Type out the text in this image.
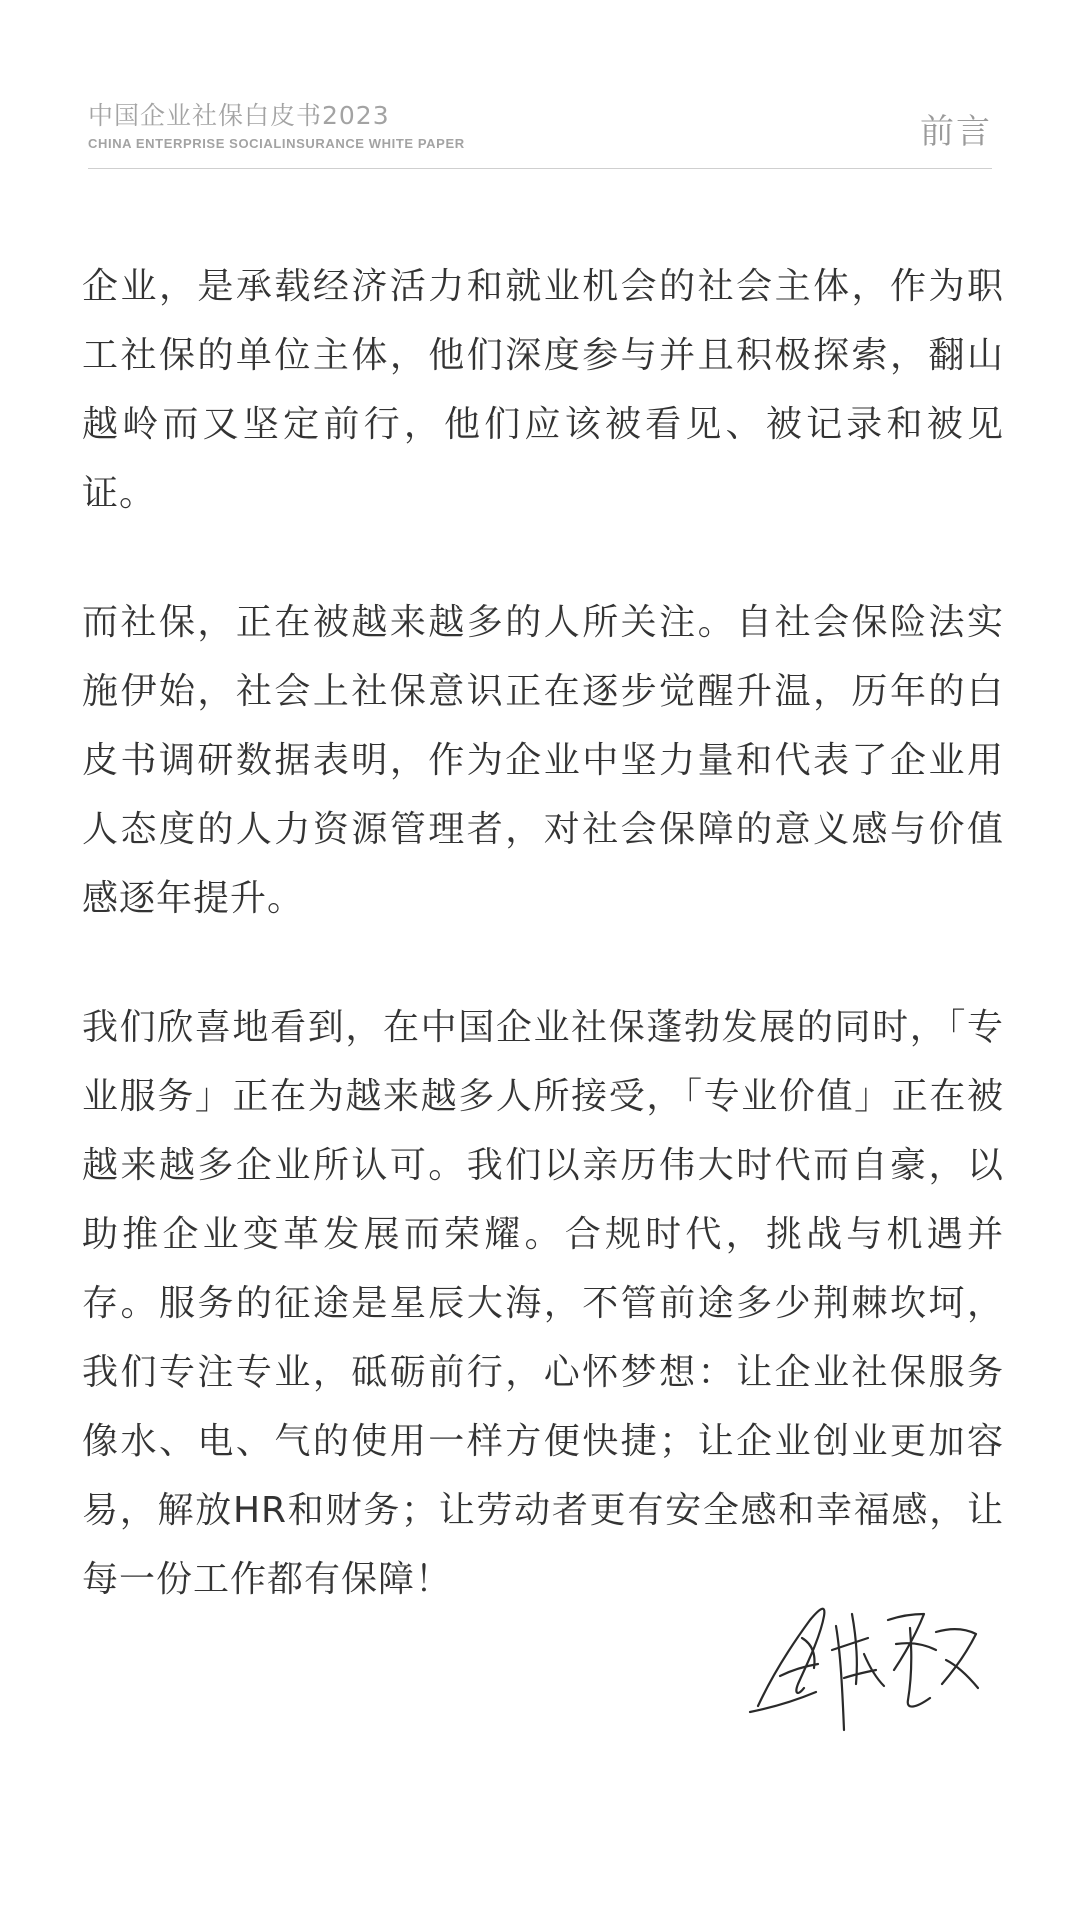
中国企业社保白皮书2023
CHINA ENTERPRISE SOCIALINSURANCE WHITE PAPER	前言

企业，是承载经济活力和就业机会的社会主体，作为职工社保的单位主体，他们深度参与并且积极探索，翻山越岭而又坚定前行，他们应该被看见、被记录和被见证。

而社保，正在被越来越多的人所关注。自社会保险法实施伊始，社会上社保意识正在逐步觉醒升温，历年的白皮书调研数据表明，作为企业中坚力量和代表了企业用人态度的人力资源管理者，对社会保障的意义感与价值感逐年提升。

我们欣喜地看到，在中国企业社保蓬勃发展的同时，「专业服务」正在为越来越多人所接受，「专业价值」正在被越来越多企业所认可。我们以亲历伟大时代而自豪，以助推企业变革发展而荣耀。合规时代，挑战与机遇并存。服务的征途是星辰大海，不管前途多少荆棘坎坷，我们专注专业，砥砺前行，心怀梦想：让企业社保服务像水、电、气的使用一样方便快捷；让企业创业更加容易，解放HR和财务；让劳动者更有安全感和幸福感，让每一份工作都有保障！
